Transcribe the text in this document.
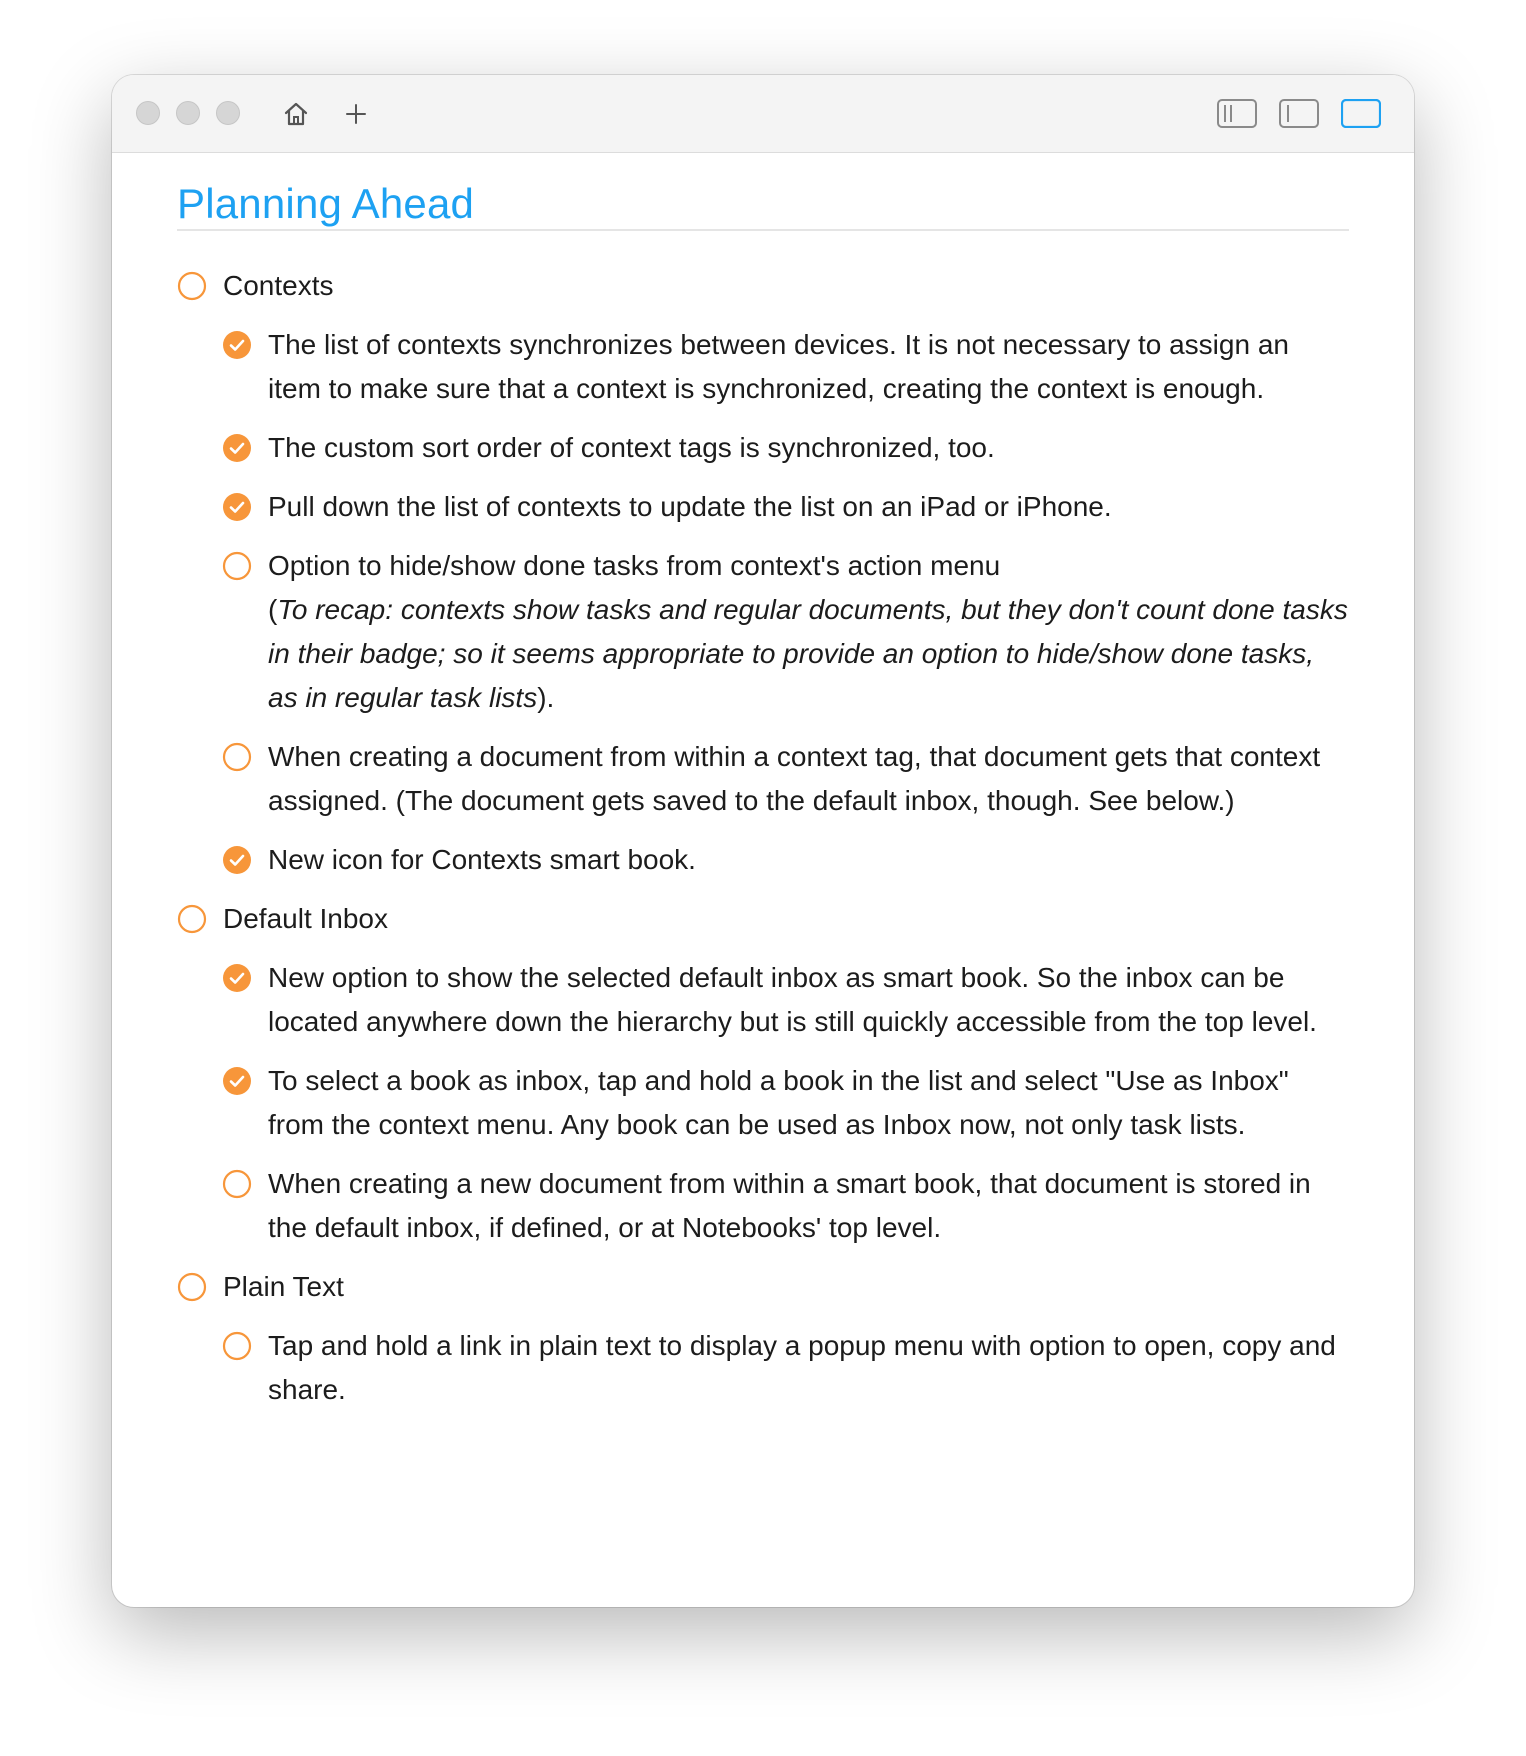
Planning Ahead
Contexts
The list of contexts synchronizes between devices. It is not necessary to assign an item to make sure that a context is synchronized, creating the context is enough.
The custom sort order of context tags is synchronized, too.
Pull down the list of contexts to update the list on an iPad or iPhone.
Option to hide/show done tasks from context's action menu
(To recap: contexts show tasks and regular documents, but they don't count done tasks in their badge; so it seems appropriate to provide an option to hide/show done tasks, as in regular task lists).
When creating a document from within a context tag, that document gets that context assigned. (The document gets saved to the default inbox, though. See below.)
New icon for Contexts smart book.
Default Inbox
New option to show the selected default inbox as smart book. So the inbox can be located anywhere down the hierarchy but is still quickly accessible from the top level.
To select a book as inbox, tap and hold a book in the list and select "Use as Inbox" from the context menu. Any book can be used as Inbox now, not only task lists.
When creating a new document from within a smart book, that document is stored in the default inbox, if defined, or at Notebooks' top level.
Plain Text
Tap and hold a link in plain text to display a popup menu with option to open, copy and share.
